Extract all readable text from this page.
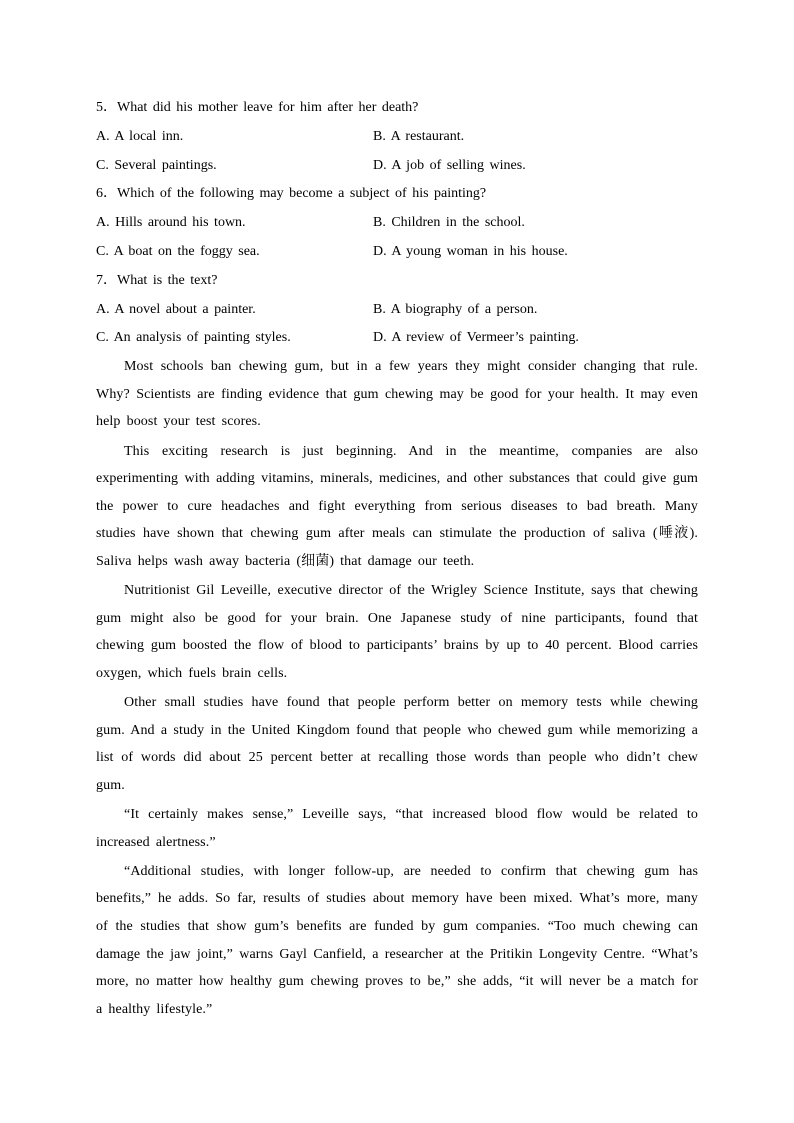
5．What did his mother leave for him after her death?
A. A local inn.	B. A restaurant.
C. Several paintings.	D. A job of selling wines.
6．Which of the following may become a subject of his painting?
A. Hills around his town.	B. Children in the school.
C. A boat on the foggy sea.	D. A young woman in his house.
7．What is the text?
A. A novel about a painter.	B. A biography of a person.
C. An analysis of painting styles.	D. A review of Vermeer’s painting.

Most schools ban chewing gum, but in a few years they might consider changing that rule. Why? Scientists are finding evidence that gum chewing may be good for your health. It may even help boost your test scores.

This exciting research is just beginning. And in the meantime, companies are also experimenting with adding vitamins, minerals, medicines, and other substances that could give gum the power to cure headaches and fight everything from serious diseases to bad breath. Many studies have shown that chewing gum after meals can stimulate the production of saliva (唾液). Saliva helps wash away bacteria (细菌) that damage our teeth.

Nutritionist Gil Leveille, executive director of the Wrigley Science Institute, says that chewing gum might also be good for your brain. One Japanese study of nine participants, found that chewing gum boosted the flow of blood to participants’ brains by up to 40 percent. Blood carries oxygen, which fuels brain cells.

Other small studies have found that people perform better on memory tests while chewing gum. And a study in the United Kingdom found that people who chewed gum while memorizing a list of words did about 25 percent better at recalling those words than people who didn’t chew gum.

“It certainly makes sense,” Leveille says, “that increased blood flow would be related to increased alertness.”

“Additional studies, with longer follow-up, are needed to confirm that chewing gum has benefits,” he adds. So far, results of studies about memory have been mixed. What’s more, many of the studies that show gum’s benefits are funded by gum companies. “Too much chewing can damage the jaw joint,” warns Gayl Canfield, a researcher at the Pritikin Longevity Centre. “What’s more, no matter how healthy gum chewing proves to be,” she adds, “it will never be a match for a healthy lifestyle.”
